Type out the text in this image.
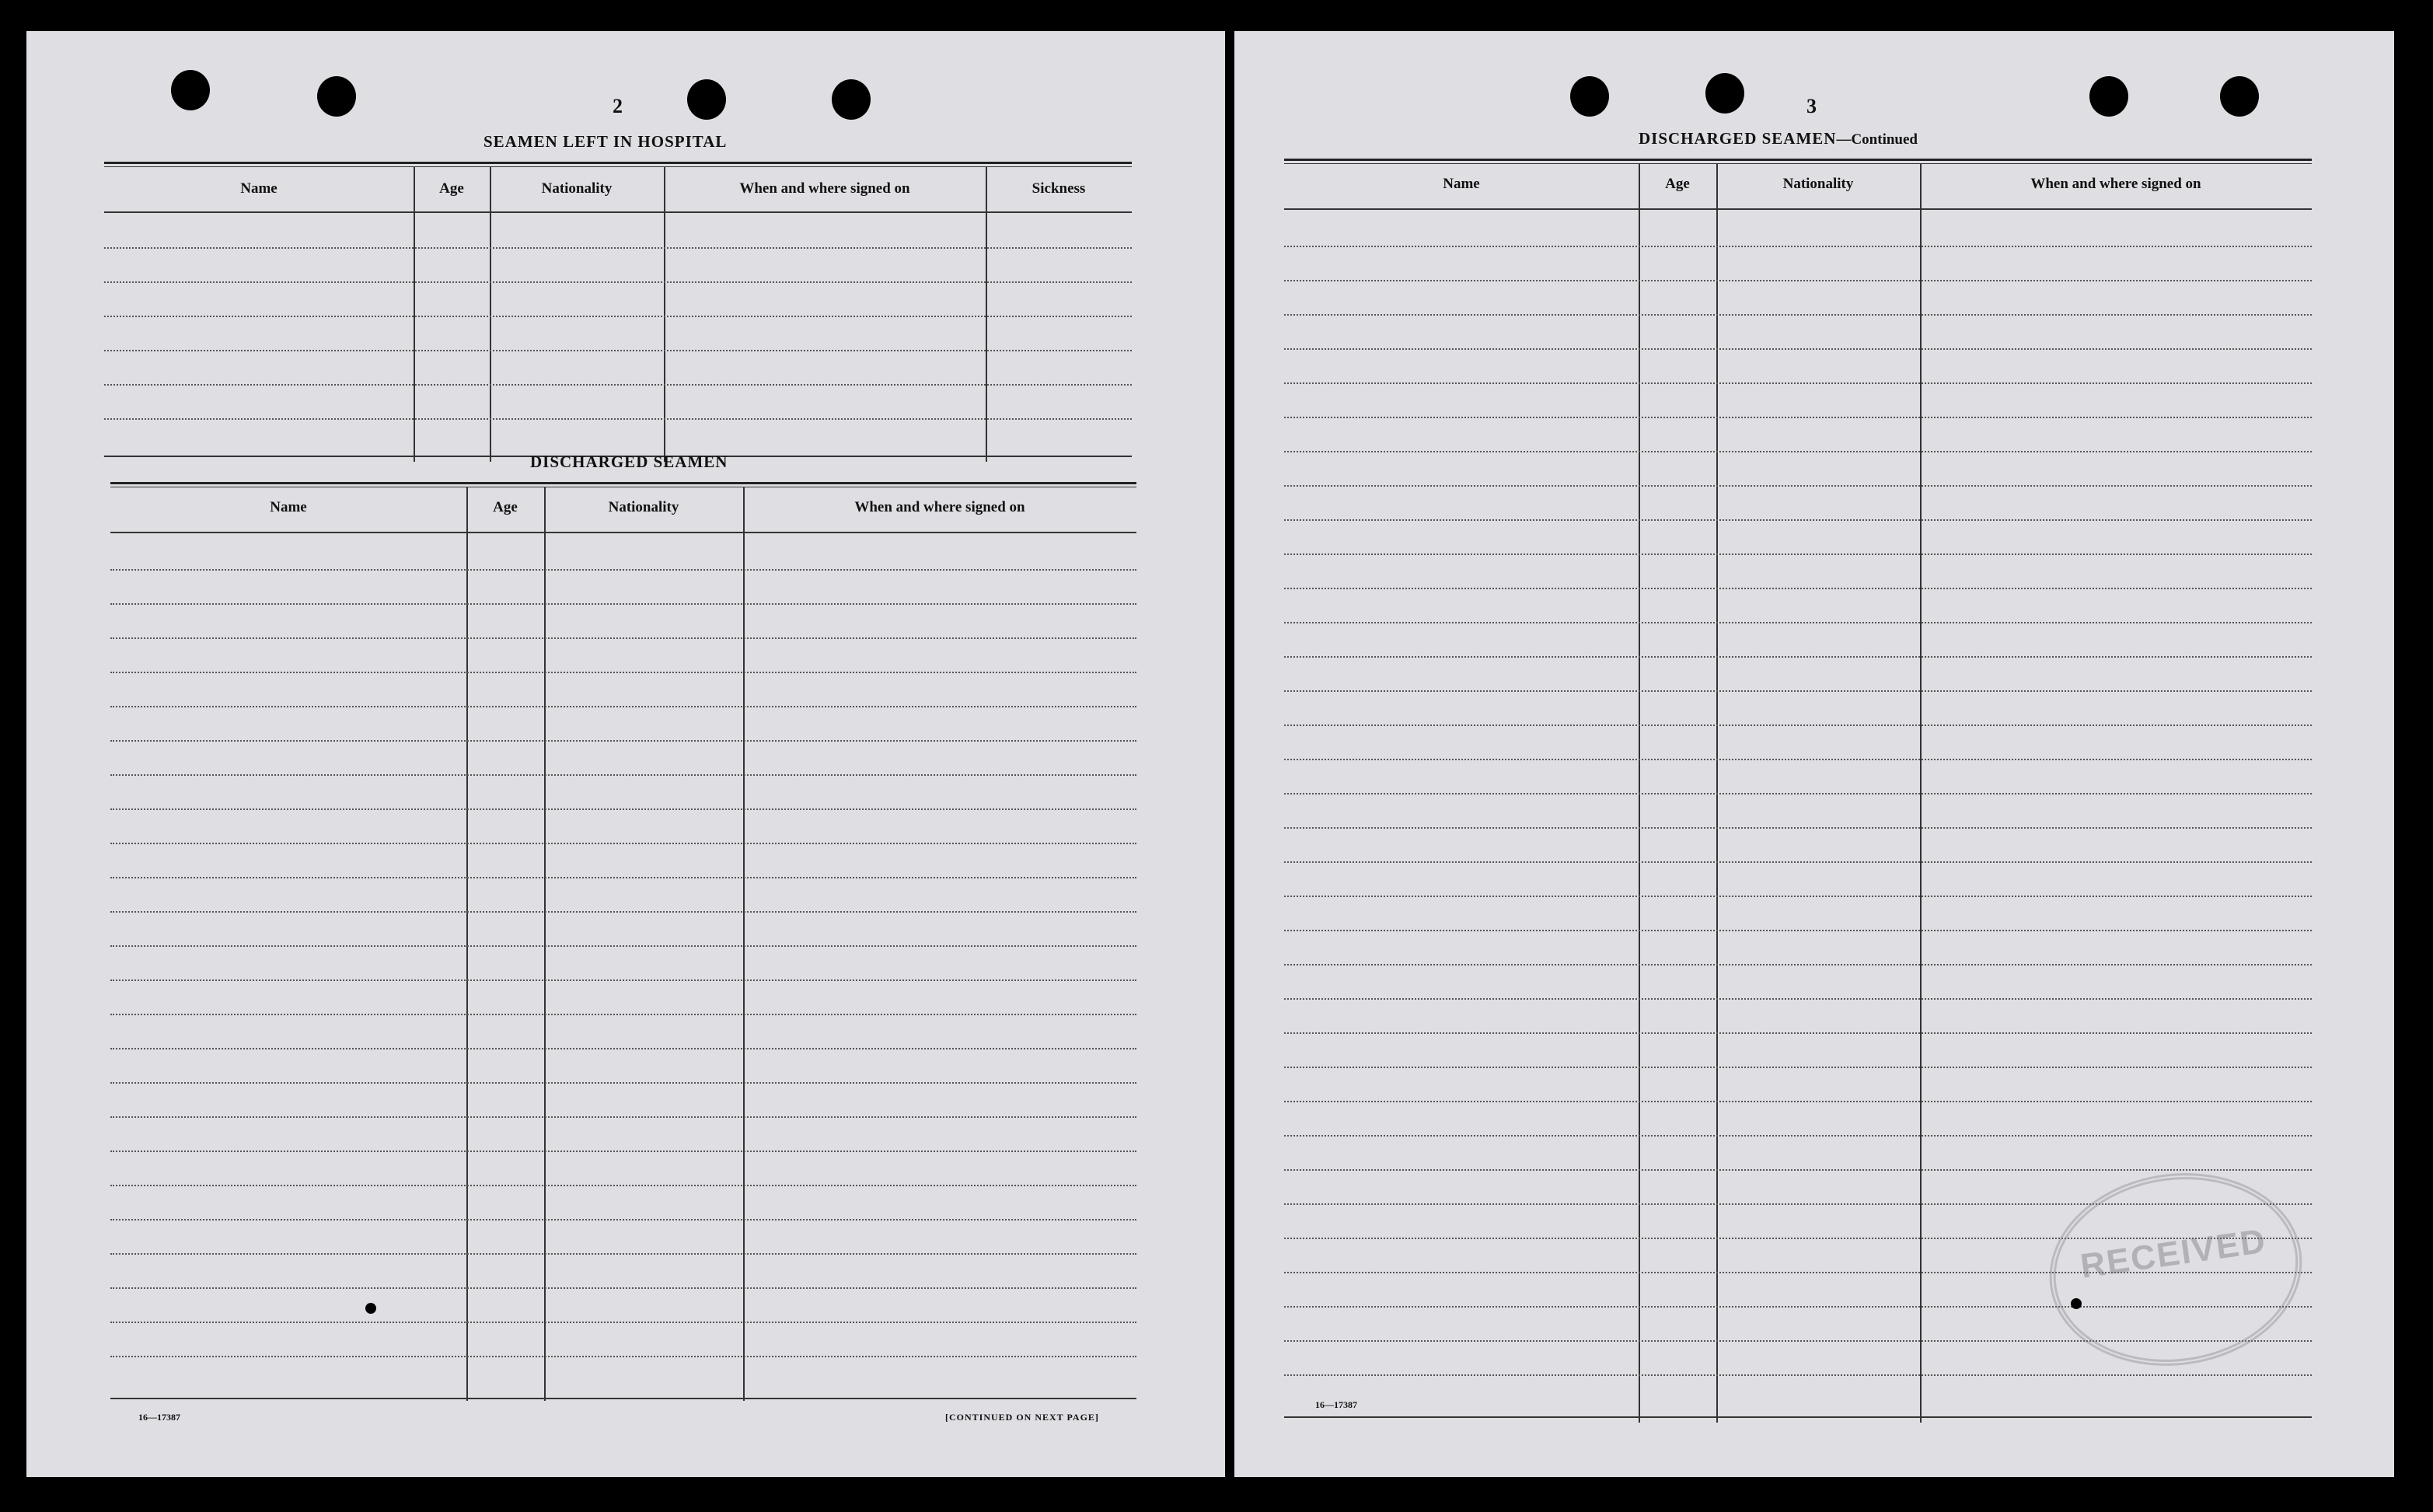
2
SEAMEN LEFT IN HOSPITAL
Name	Age	Nationality	When and where signed on	Sickness
DISCHARGED SEAMEN
Name	Age	Nationality	When and where signed on
16—17387	[CONTINUED ON NEXT PAGE]
3
DISCHARGED SEAMEN—Continued
Name	Age	Nationality	When and where signed on
RECEIVED
16—17387
